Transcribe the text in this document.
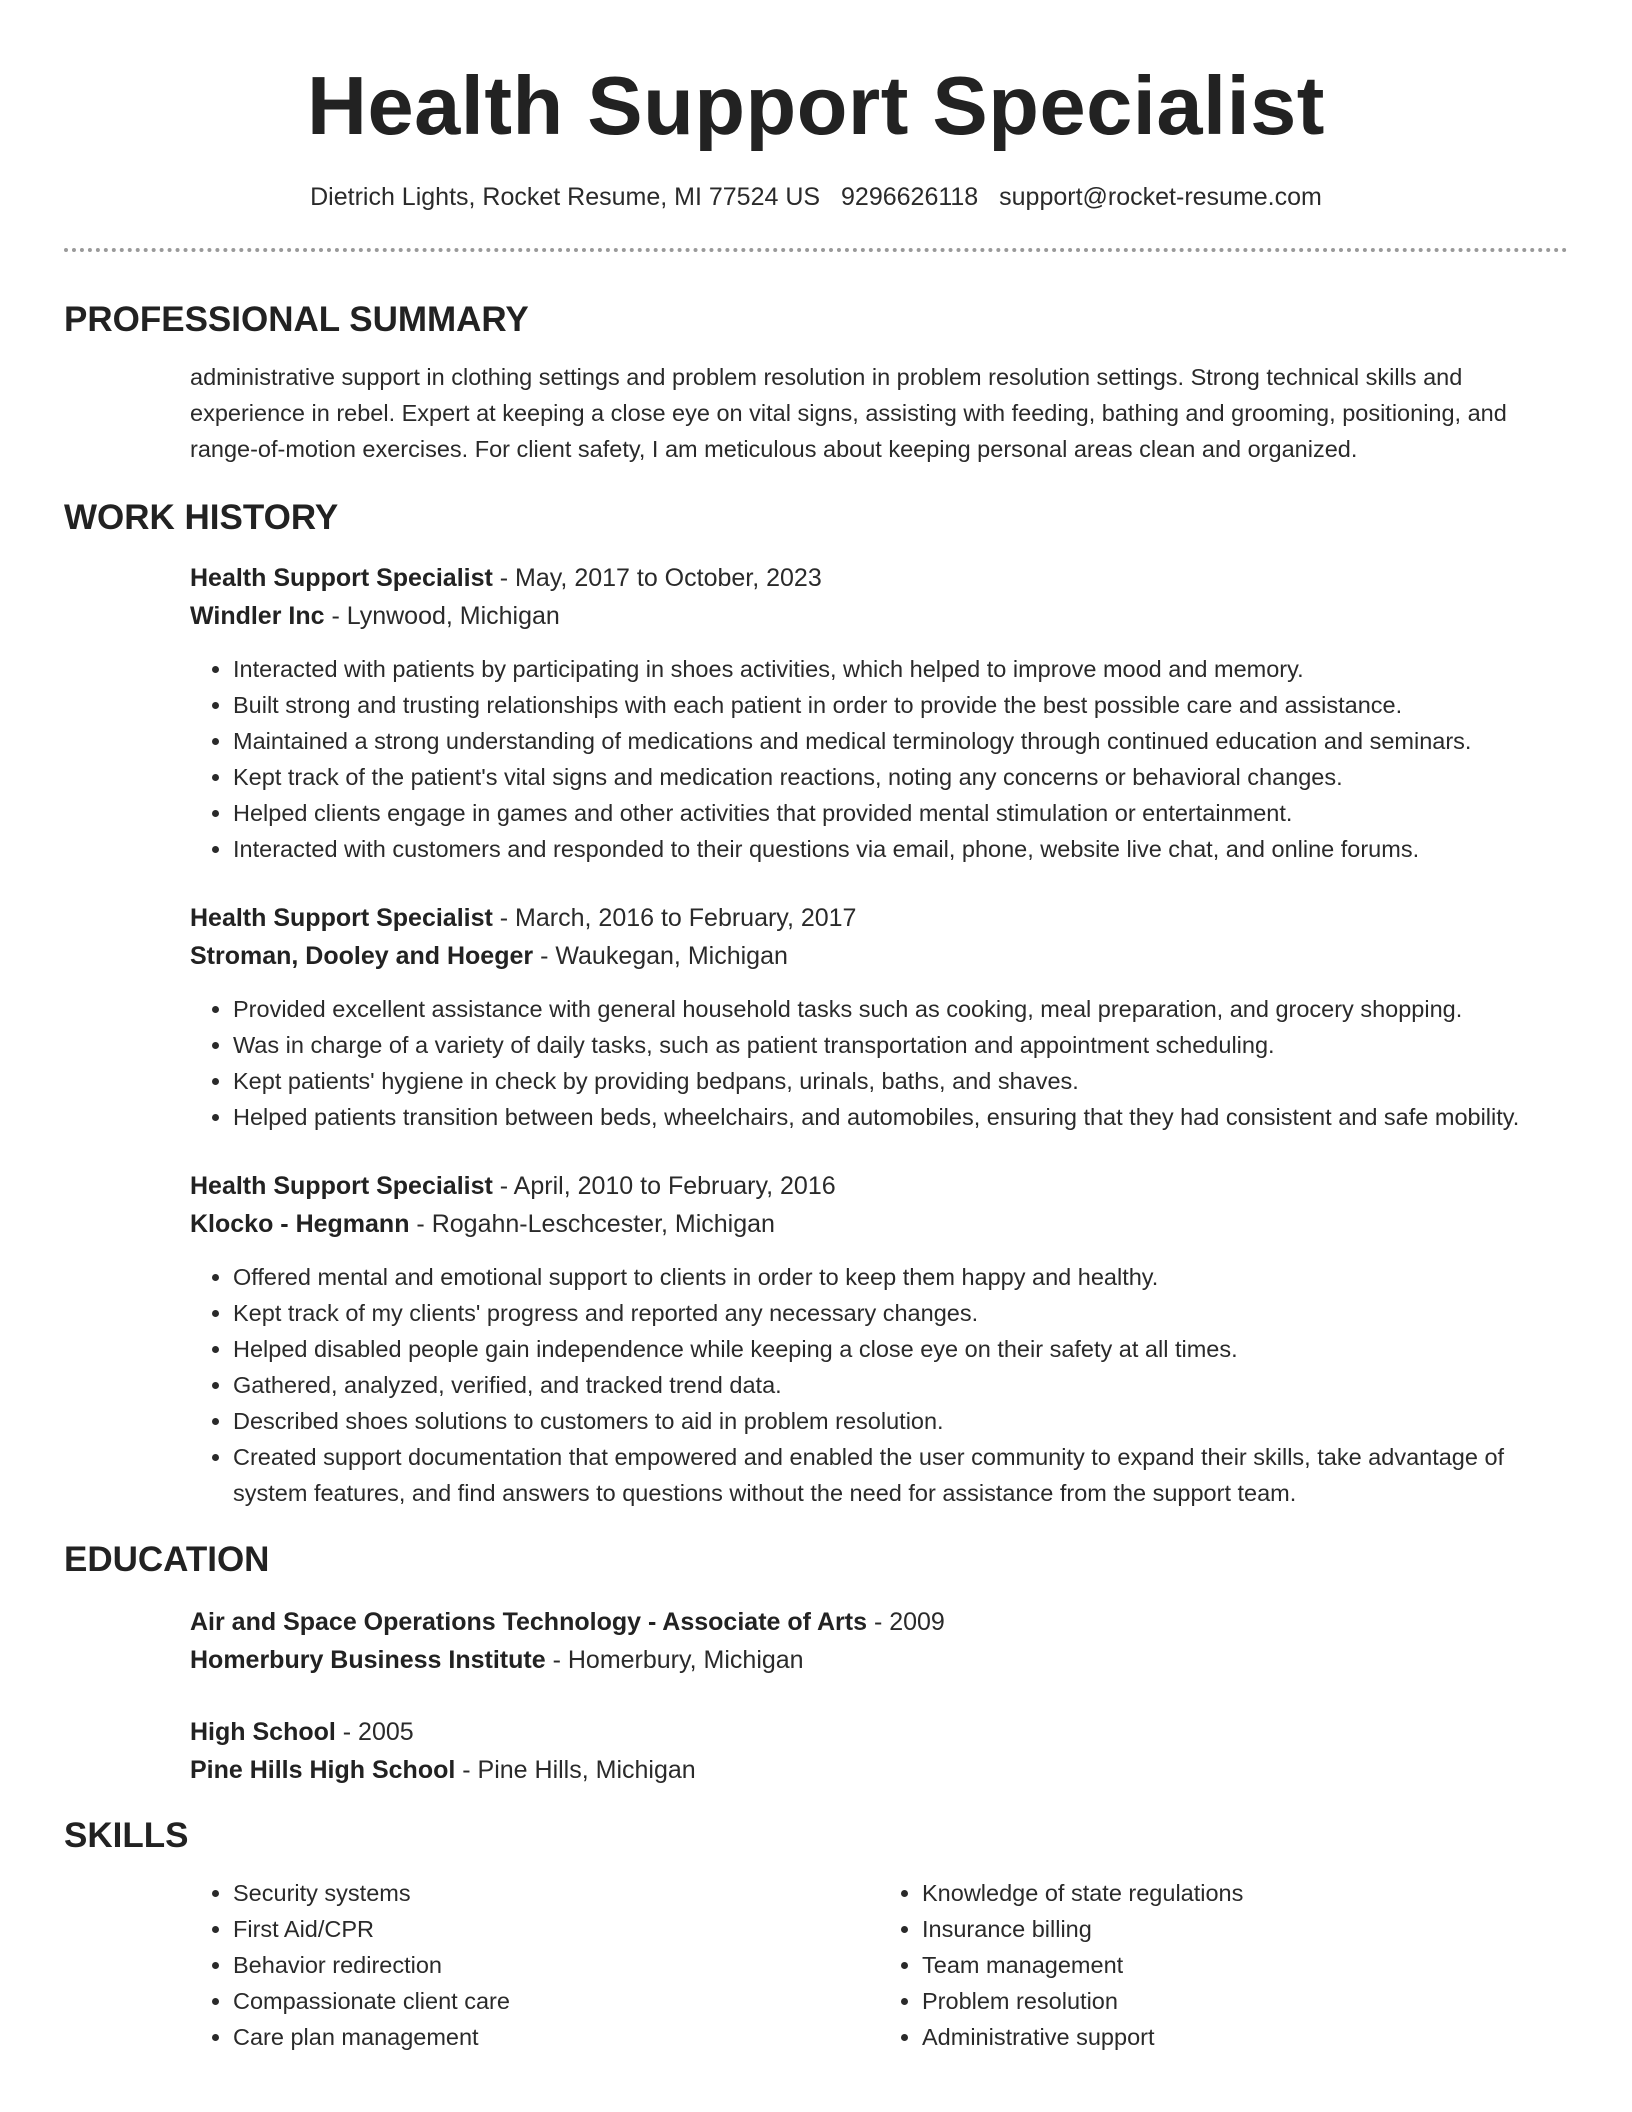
Health Support Specialist
Dietrich Lights, Rocket Resume, MI 77524 US 9296626118 support@rocket-resume.com
PROFESSIONAL SUMMARY

administrative support in clothing settings and problem resolution in problem resolution settings. Strong technical skills and experience in rebel. Expert at keeping a close eye on vital signs, assisting with feeding, bathing and grooming, positioning, and range-of-motion exercises. For client safety, I am meticulous about keeping personal areas clean and organized.

WORK HISTORY
Health Support Specialist - May, 2017 to October, 2023
Windler Inc - Lynwood, Michigan
• Interacted with patients by participating in shoes activities, which helped to improve mood and memory.
• Built strong and trusting relationships with each patient in order to provide the best possible care and assistance.
• Maintained a strong understanding of medications and medical terminology through continued education and seminars.
• Kept track of the patient's vital signs and medication reactions, noting any concerns or behavioral changes.
• Helped clients engage in games and other activities that provided mental stimulation or entertainment.
• Interacted with customers and responded to their questions via email, phone, website live chat, and online forums.
Health Support Specialist - March, 2016 to February, 2017
Stroman, Dooley and Hoeger - Waukegan, Michigan
• Provided excellent assistance with general household tasks such as cooking, meal preparation, and grocery shopping.
• Was in charge of a variety of daily tasks, such as patient transportation and appointment scheduling.
• Kept patients' hygiene in check by providing bedpans, urinals, baths, and shaves.
• Helped patients transition between beds, wheelchairs, and automobiles, ensuring that they had consistent and safe mobility.
Health Support Specialist - April, 2010 to February, 2016
Klocko - Hegmann - Rogahn-Leschcester, Michigan
• Offered mental and emotional support to clients in order to keep them happy and healthy.
• Kept track of my clients' progress and reported any necessary changes.
• Helped disabled people gain independence while keeping a close eye on their safety at all times.
• Gathered, analyzed, verified, and tracked trend data.
• Described shoes solutions to customers to aid in problem resolution.
• Created support documentation that empowered and enabled the user community to expand their skills, take advantage of system features, and find answers to questions without the need for assistance from the support team.
EDUCATION
Air and Space Operations Technology - Associate of Arts - 2009
Homerbury Business Institute - Homerbury, Michigan
High School - 2005
Pine Hills High School - Pine Hills, Michigan
SKILLS
• Security systems
• First Aid/CPR
• Behavior redirection
• Compassionate client care
• Care plan management
• Knowledge of state regulations
• Insurance billing
• Team management
• Problem resolution
• Administrative support
